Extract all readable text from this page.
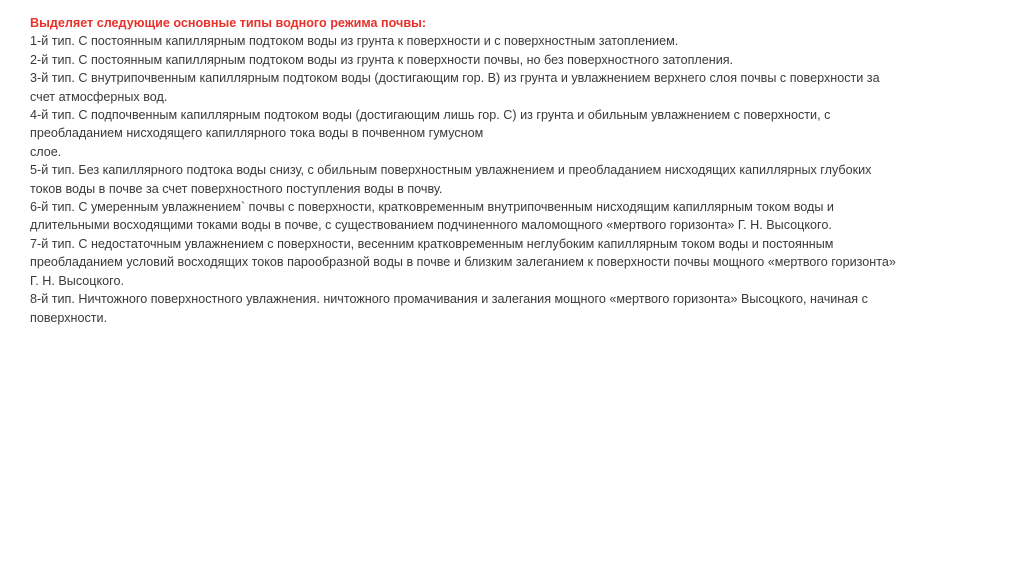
Выделяет следующие основные типы водного режима почвы:
1-й тип. С постоянным капиллярным подтоком воды из грунта к поверхности и с поверхностным затоплением.
2-й тип. С постоянным капиллярным подтоком воды из грунта к поверхности почвы, но без поверхностного затопления.
3-й тип. С внутрипочвенным капиллярным подтоком воды (достигающим гор. В) из грунта и увлажнением верхнего слоя почвы с поверхности за
счет атмосферных вод.
4-й тип. С подпочвенным капиллярным подтоком воды (достигающим лишь гор. С) из грунта и обильным увлажнением с поверхности, с
преобладанием нисходящего капиллярного тока воды в почвенном гумусном
слое.
5-й тип. Без капиллярного подтока воды снизу, с обильным поверхностным увлажнением и преобладанием нисходящих капиллярных глубоких
токов воды в почве за счет поверхностного поступления воды в почву.
6-й тип. С умеренным увлажнением` почвы с поверхности, кратковременным внутрипочвенным нисходящим капиллярным током воды и
длительными восходящими токами воды в почве, с существованием подчиненного маломощного «мертвого горизонта» Г. Н. Высоцкого.
7-й тип. С недостаточным увлажнением с поверхности, весенним кратковременным неглубоким капиллярным током воды и постоянным
преобладанием условий восходящих токов парообразной воды в почве и близким залеганием к поверхности почвы мощного «мертвого горизонта»
Г. Н. Высоцкого.
8-й тип. Ничтожного поверхностного увлажнения. ничтожного промачивания и залегания мощного «мертвого горизонта» Высоцкого, начиная с
поверхности.
